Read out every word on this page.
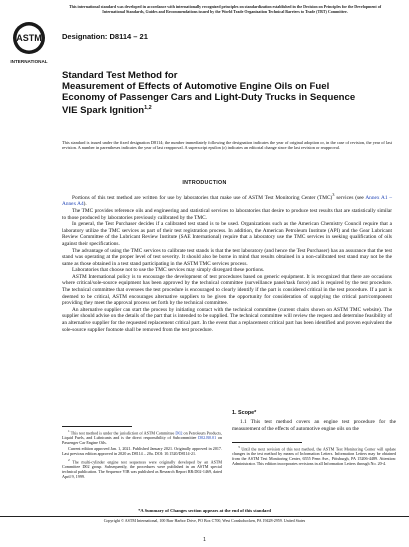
This international standard was developed in accordance with internationally recognized principles on standardization established in the Decision on Principles for the Development of International Standards, Guides and Recommendations issued by the World Trade Organization Technical Barriers to Trade (TBT) Committee.
ASTM
INTERNATIONAL
Designation: D8114 – 21
Standard Test Method for
Measurement of Effects of Automotive Engine Oils on Fuel Economy of Passenger Cars and Light-Duty Trucks in Sequence VIE Spark Ignition$^{1,2}$
This standard is issued under the fixed designation D8114; the number immediately following the designation indicates the year of original adoption or, in the case of revision, the year of last revision. A number in parentheses indicates the year of last reapproval. A superscript epsilon (ε) indicates an editorial change since the last revision or reapproval.
INTRODUCTION

Portions of this test method are written for use by laboratories that make use of ASTM Test Monitoring Center (TMC)$^3$ services (see Annex A1 – Annex A4).

The TMC provides reference oils and engineering and statistical services to laboratories that desire to produce test results that are statistically similar to those produced by laboratories previously calibrated by the TMC.

In general, the Test Purchaser decides if a calibrated test stand is to be used. Organizations such as the American Chemistry Council require that a laboratory utilize the TMC services as part of their test registration process. In addition, the American Petroleum Institute (API) and the Gear Lubricant Review Committee of the Lubricant Review Institute (SAE International) require that a laboratory use the TMC services in seeking qualification of oils against their specifications.

The advantage of using the TMC services to calibrate test stands is that the test laboratory (and hence the Test Purchaser) has an assurance that the test stand was operating at the proper level of test severity. It should also be borne in mind that results obtained in a non-calibrated test stand may not be the same as those obtained in a test stand participating in the ASTM TMC services process.

Laboratories that choose not to use the TMC services may simply disregard these portions.

ASTM International policy is to encourage the development of test procedures based on generic equipment. It is recognized that there are occasions where critical/sole-source equipment has been approved by the technical committee (surveillance panel/task force) and is required by the test procedure. The technical committee that oversees the test procedure is encouraged to clearly identify if the part is considered critical in the test procedure. If a part is deemed to be critical, ASTM encourages alternative suppliers to be given the opportunity for consideration of supplying the critical part/component providing they meet the approval process set forth by the technical committee.

An alternative supplier can start the process by initiating contact with the technical committee (current chairs shown on ASTM TMC website). The supplier should advise on the details of the part that is intended to be supplied. The technical committee will review the request and determine feasibility of an alternative supplier for the requested replacement critical part. In the event that a replacement critical part has been identified and proven equivalent the sole-source supplier footnote shall be removed from the test procedure.

$^1$ This test method is under the jurisdiction of ASTM Committee D02 on Petroleum Products, Liquid Fuels, and Lubricants and is the direct responsibility of Subcommittee D02.B0.01 on Passenger Car Engine Oils.

Current edition approved Jan. 1, 2021. Published January 2021. Originally approved in 2017. Last previous edition approved in 2020 as D8114 – 20a. DOI: 10.1520/D8114-21.

$^2$ The multi-cylinder engine test sequences were originally developed by an ASTM Committee D02 group. Subsequently, the procedures were published in an ASTM special technical publication. The Sequence VIB was published as Research Report RR:D02-1469, dated April 9, 1999.

1. Scope*
1.1 This test method covers an engine test procedure for the measurement of the effects of automotive engine oils on the
$^3$ Until the next revision of this test method, the ASTM Test Monitoring Center will update changes in the test method by means of Information Letters. Information Letters may be obtained from the ASTM Test Monitoring Center, 6555 Penn Ave., Pittsburgh, PA 15206-4489. Attention: Administrator. This edition incorporates revisions in all Information Letters through No. 20-4.
*A Summary of Changes section appears at the end of this standard
Copyright © ASTM International, 100 Barr Harbor Drive, PO Box C700, West Conshohocken, PA 19428-2959. United States
1
